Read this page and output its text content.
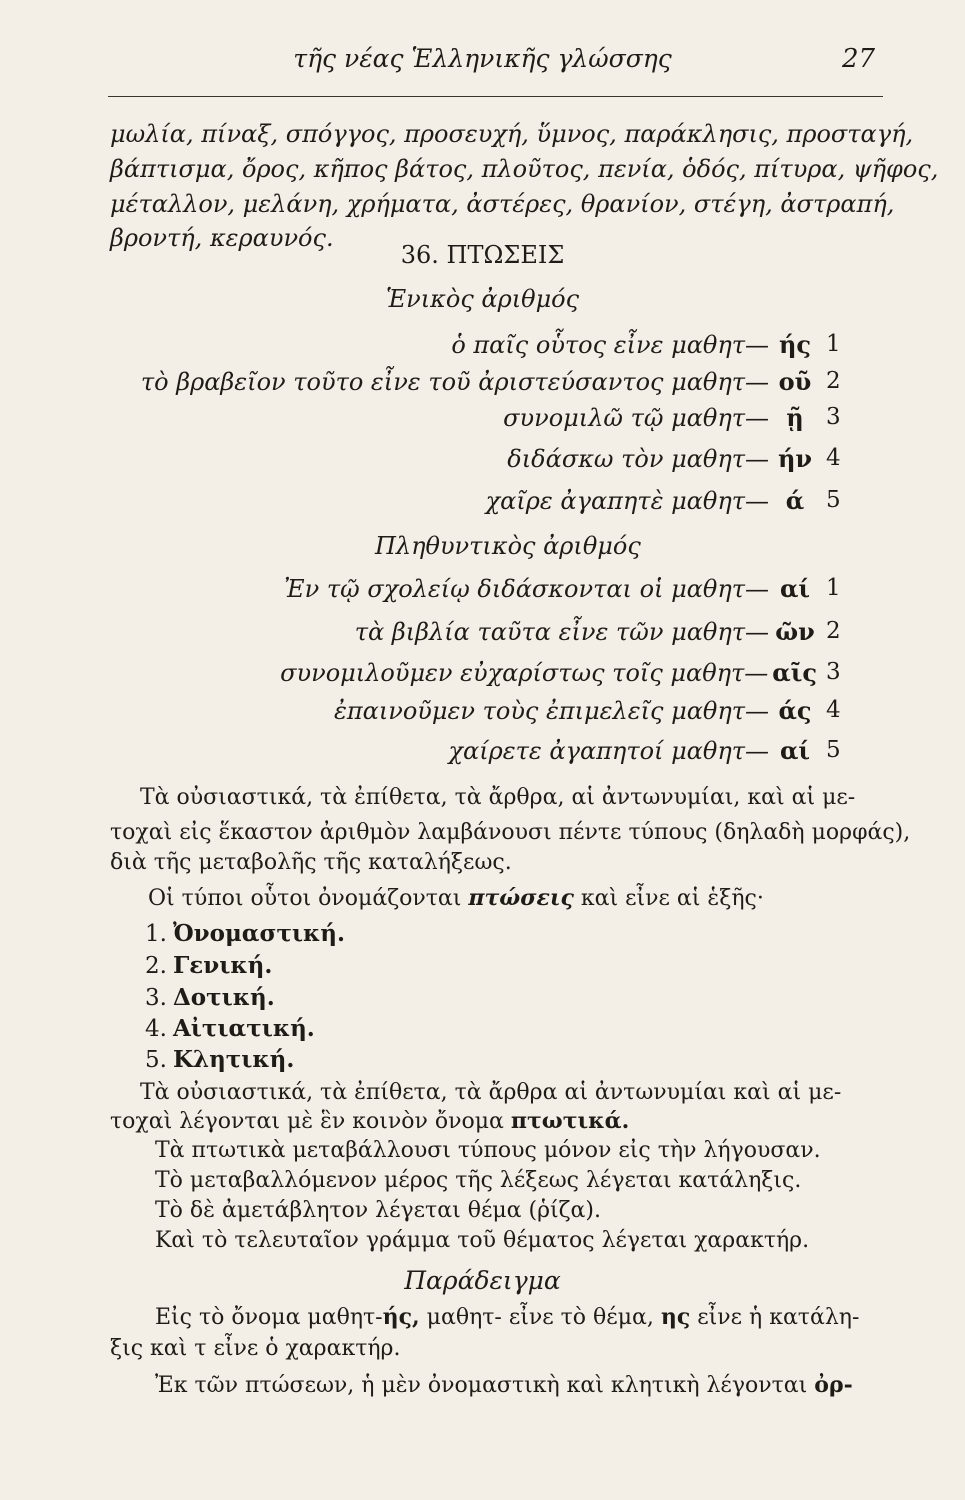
τῆς νέας Ἑλληνικῆς γλώσσης	27
μωλία, πίναξ, σπόγγος, προσευχή, ὕμνος, παράκλησις, προσταγή,
βάπτισμα, ὄρος, κῆπος βάτος, πλοῦτος, πενία, ὁδός, πίτυρα, ψῆφος,
μέταλλον, μελάνη, χρήματα, ἀστέρες, θρανίον, στέγη, ἀστραπή,
βροντή, κεραυνός.
36. ΠΤΩΣΕΙΣ
Ἑνικὸς ἀριθμός
ὁ παῖς οὗτος εἶνε μαθητ— ής 1
τὸ βραβεῖον τοῦτο εἶνε τοῦ ἀριστεύσαντος μαθητ— οῦ 2
συνομιλῶ τῷ μαθητ— ῇ 3
διδάσκω τὸν μαθητ— ήν 4
χαῖρε ἀγαπητὲ μαθητ— ά 5
Πληθυντικὸς ἀριθμός
Ἐν τῷ σχολείῳ διδάσκονται οἱ μαθητ— αί 1
τὰ βιβλία ταῦτα εἶνε τῶν μαθητ— ῶν 2
συνομιλοῦμεν εὐχαρίστως τοῖς μαθητ— αῖς 3
ἐπαινοῦμεν τοὺς ἐπιμελεῖς μαθητ— άς 4
χαίρετε ἀγαπητοί μαθητ— αί 5
Τὰ οὐσιαστικά, τὰ ἐπίθετα, τὰ ἄρθρα, αἱ ἀντωνυμίαι, καὶ αἱ με-
τοχαὶ εἰς ἕκαστον ἀριθμὸν λαμβάνουσι πέντε τύπους (δηλαδὴ μορφάς),
διὰ τῆς μεταβολῆς τῆς καταλήξεως.
Οἱ τύποι οὗτοι ὀνομάζονται πτώσεις καὶ εἶνε αἱ ἑξῆς·
1. Ὀνομαστική.
2. Γενική.
3. Δοτική.
4. Αἰτιατική.
5. Κλητική.
Τὰ οὐσιαστικά, τὰ ἐπίθετα, τὰ ἄρθρα αἱ ἀντωνυμίαι καὶ αἱ με-
τοχαὶ λέγονται μὲ ἓν κοινὸν ὄνομα πτωτικά.
Τὰ πτωτικὰ μεταβάλλουσι τύπους μόνον εἰς τὴν λήγουσαν.
Τὸ μεταβαλλόμενον μέρος τῆς λέξεως λέγεται κατάληξις.
Τὸ δὲ ἀμετάβλητον λέγεται θέμα (ῥίζα).
Καὶ τὸ τελευταῖον γράμμα τοῦ θέματος λέγεται χαρακτήρ.
Παράδειγμα
Εἰς τὸ ὄνομα μαθητ-ής, μαθητ- εἶνε τὸ θέμα, ης εἶνε ἡ κατάλη-
ξις καὶ τ εἶνε ὁ χαρακτήρ.
Ἐκ τῶν πτώσεων, ἡ μὲν ὀνομαστικὴ καὶ κλητικὴ λέγονται ὀρ-
